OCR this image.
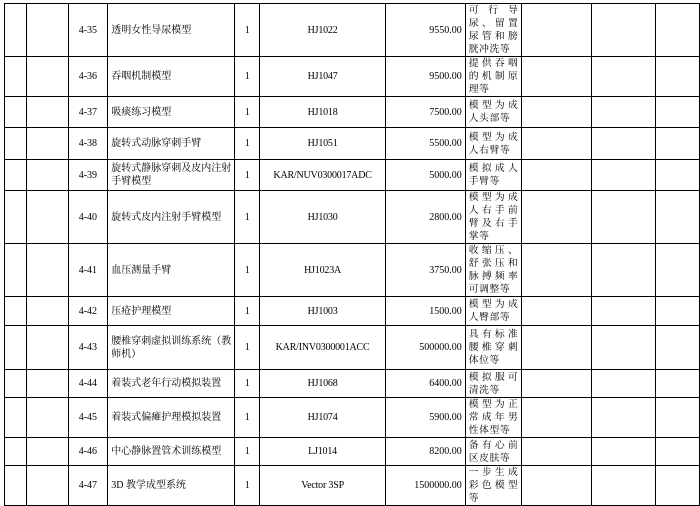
		4-35	透明女性导尿模型	1	HJ1022	9550.00	可行导尿、留置尿管和膀胱冲洗等			
		4-36	吞咽机制模型	1	HJ1047	9500.00	提供吞咽的机制原理等			
		4-37	吸痰练习模型	1	HJ1018	7500.00	模型为成人头部等			
		4-38	旋转式动脉穿刺手臂	1	HJ1051	5500.00	模型为成人右臂等			
		4-39	旋转式静脉穿刺及皮内注射手臂模型	1	KAR/NUV0300017ADC	5000.00	模拟成人手臂等			
		4-40	旋转式皮内注射手臂模型	1	HJ1030	2800.00	模型为成人右手前臂及右手掌等			
		4-41	血压测量手臂	1	HJ1023A	3750.00	收缩压、舒张压和脉搏频率可调整等			
		4-42	压疮护理模型	1	HJ1003	1500.00	模型为成人臀部等			
		4-43	腰椎穿刺虚拟训练系统（教师机）	1	KAR/INV0300001ACC	500000.00	具有标准腰椎穿刺体位等			
		4-44	着装式老年行动模拟装置	1	HJ1068	6400.00	模拟服可清洗等			
		4-45	着装式偏瘫护理模拟装置	1	HJ1074	5900.00	模型为正常成年男性体型等			
		4-46	中心静脉置管术训练模型	1	LJ1014	8200.00	备有心前区皮肤等			
		4-47	3D 教学成型系统	1	Vector 3SP	1500000.00	一步生成彩色模型等			
